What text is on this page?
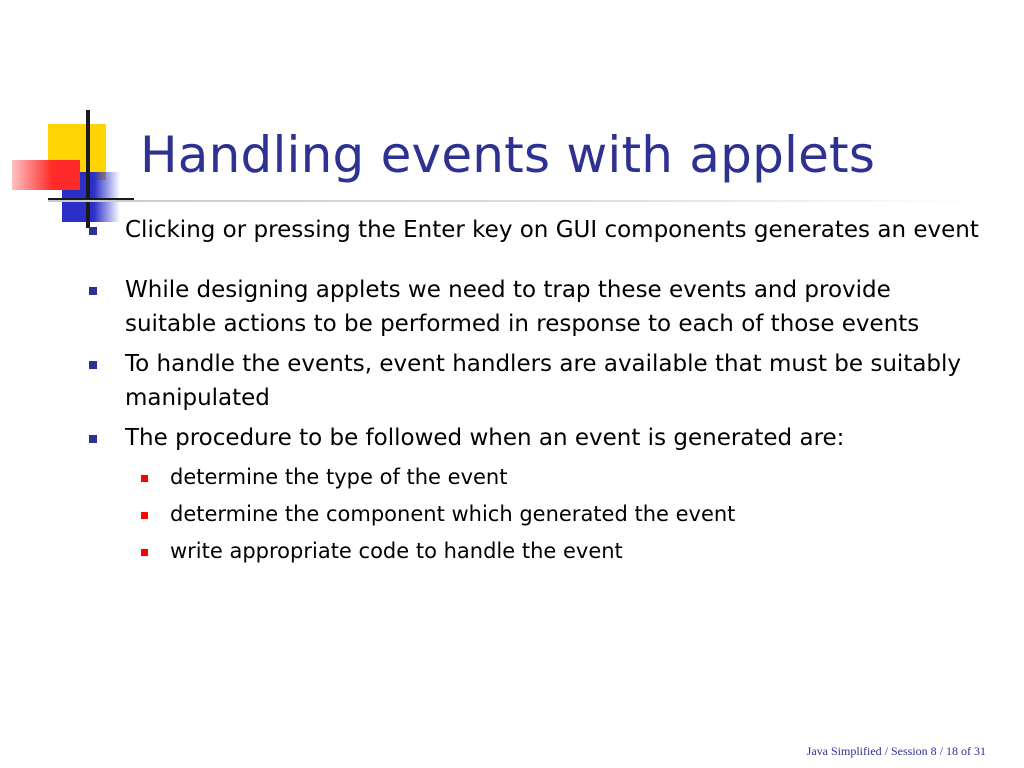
Handling events with applets

Clicking or pressing the Enter key on GUI components generates an event

While designing applets we need to trap these events and provide suitable actions to be performed in response to each of those events

To handle the events, event handlers are available that must be suitably manipulated

The procedure to be followed when an event is generated are:

determine the type of the event
determine the component which generated the event
write appropriate code to handle the event
Java Simplified / Session 8 / 18 of 31
